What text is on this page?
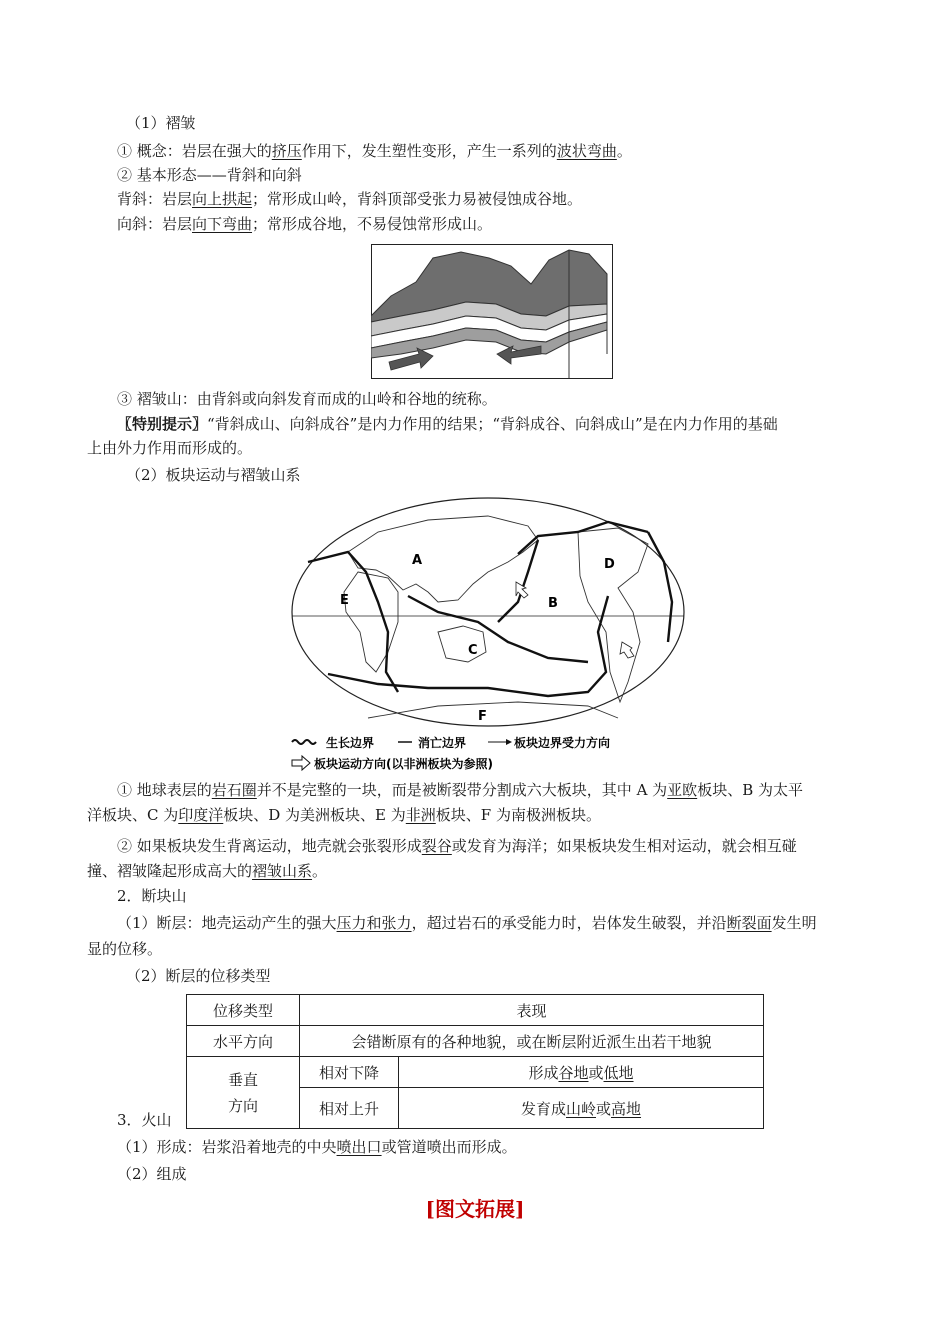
（1）褶皱
① 概念：岩层在强大的挤压作用下，发生塑性变形，产生一系列的波状弯曲。
② 基本形态——背斜和向斜
背斜：岩层向上拱起；常形成山岭，背斜顶部受张力易被侵蚀成谷地。
向斜：岩层向下弯曲；常形成谷地，不易侵蚀常形成山。
③ 褶皱山：由背斜或向斜发育而成的山岭和谷地的统称。
〖特别提示〗“背斜成山、向斜成谷”是内力作用的结果；“背斜成谷、向斜成山”是在内力作用的基础
上由外力作用而形成的。
（2）板块运动与褶皱山系
A
B
C
D
E
F
生长边界	消亡边界	板块边界受力方向
板块运动方向(以非洲板块为参照)
① 地球表层的岩石圈并不是完整的一块，而是被断裂带分割成六大板块，其中 A 为亚欧板块、B 为太平
洋板块、C 为印度洋板块、D 为美洲板块、E 为非洲板块、F 为南极洲板块。
② 如果板块发生背离运动，地壳就会张裂形成裂谷或发育为海洋；如果板块发生相对运动，就会相互碰
撞、褶皱隆起形成高大的褶皱山系。
2．断块山
（1）断层：地壳运动产生的强大压力和张力，超过岩石的承受能力时，岩体发生破裂，并沿断裂面发生明
显的位移。
（2）断层的位移类型
位移类型	表现	
水平方向	会错断原有的各种地貌，或在断层附近派生出若干地貌	
垂直
方向	相对下降	形成谷地或低地
	相对上升	发育成山岭或高地
3．火山
（1）形成：岩浆沿着地壳的中央喷出口或管道喷出而形成。
（2）组成
[图文拓展]
